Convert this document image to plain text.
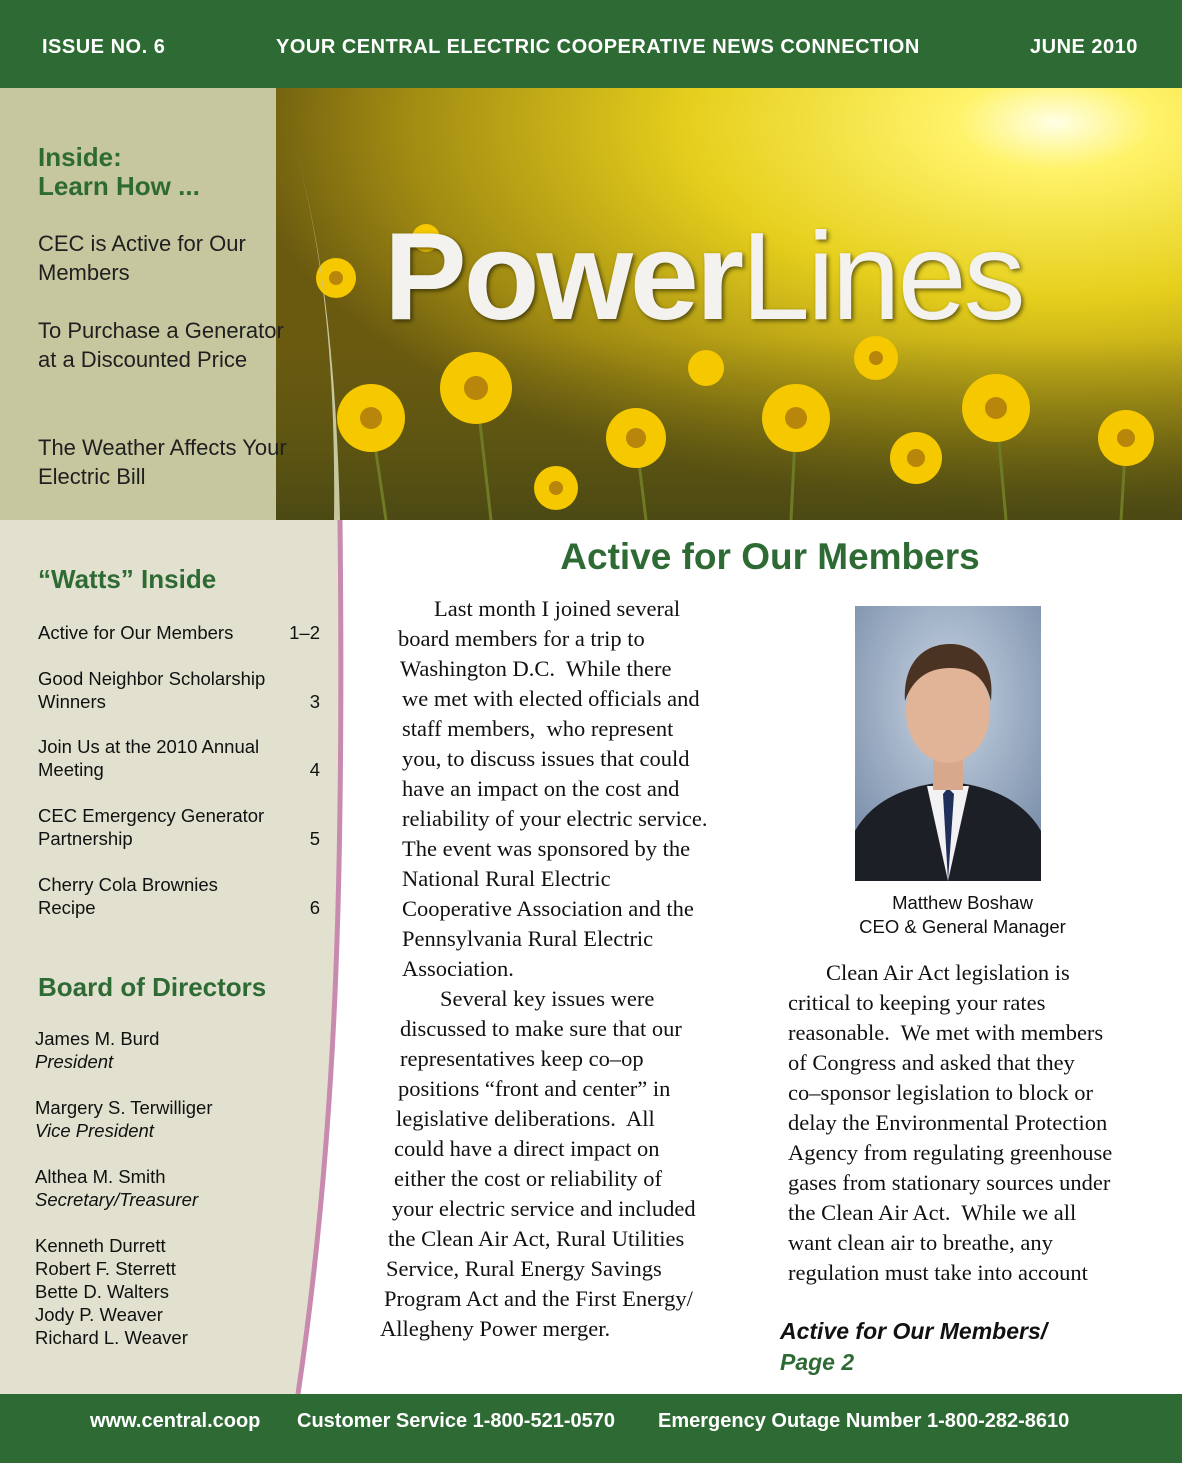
ISSUE NO. 6	YOUR CENTRAL ELECTRIC COOPERATIVE NEWS CONNECTION	JUNE 2010
PowerLines
Inside:
Learn How ...
CEC is Active for Our Members
To Purchase a Generator at a Discounted Price
The Weather Affects Your Electric Bill
“Watts” Inside
Active for Our Members	1–2
Good Neighbor Scholarship Winners	3
Join Us at the 2010 Annual Meeting	4
CEC Emergency Generator Partnership	5
Cherry Cola Brownies Recipe	6
Board of Directors
James M. Burd
President
Margery S. Terwilliger
Vice President
Althea M. Smith
Secretary/Treasurer
Kenneth Durrett
Robert F. Sterrett
Bette D. Walters
Jody P. Weaver
Richard L. Weaver
Active for Our Members
Last month I joined several
board members for a trip to
Washington D.C.  While there
we met with elected officials and
staff members,  who represent
you, to discuss issues that could
have an impact on the cost and
reliability of your electric service.
The event was sponsored by the
National Rural Electric
Cooperative Association and the
Pennsylvania Rural Electric
Association.
Several key issues were
discussed to make sure that our
representatives keep co–op
positions “front and center” in
legislative deliberations.  All
could have a direct impact on
either the cost or reliability of
your electric service and included
the Clean Air Act, Rural Utilities
Service, Rural Energy Savings
Program Act and the First Energy/
Allegheny Power merger.
Clean Air Act legislation is
critical to keeping your rates
reasonable.  We met with members
of Congress and asked that they
co–sponsor legislation to block or
delay the Environmental Protection
Agency from regulating greenhouse
gases from stationary sources under
the Clean Air Act.  While we all
want clean air to breathe, any
regulation must take into account
Matthew Boshaw
CEO & General Manager
Active for Our Members/
Page 2
www.central.coop Customer Service 1-800-521-0570 Emergency Outage Number 1-800-282-8610
